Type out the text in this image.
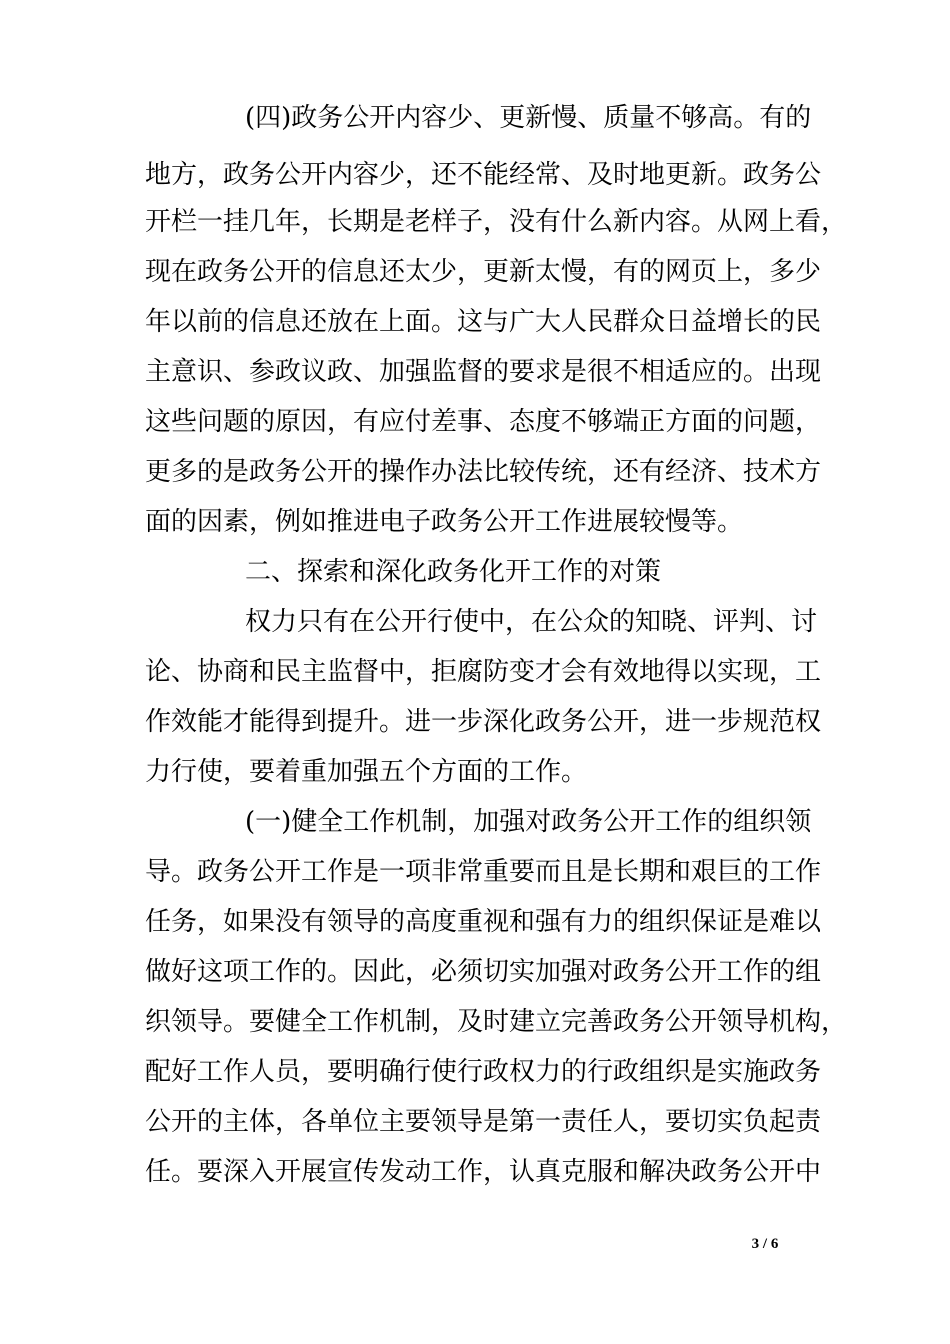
(四)政务公开内容少、更新慢、质量不够高。有的
地方，政务公开内容少，还不能经常、及时地更新。政务公
开栏一挂几年，长期是老样子，没有什么新内容。从网上看，
现在政务公开的信息还太少，更新太慢，有的网页上，多少
年以前的信息还放在上面。这与广大人民群众日益增长的民
主意识、参政议政、加强监督的要求是很不相适应的。出现
这些问题的原因，有应付差事、态度不够端正方面的问题，
更多的是政务公开的操作办法比较传统，还有经济、技术方
面的因素，例如推进电子政务公开工作进展较慢等。
二、探索和深化政务化开工作的对策
权力只有在公开行使中，在公众的知晓、评判、讨
论、协商和民主监督中，拒腐防变才会有效地得以实现，工
作效能才能得到提升。进一步深化政务公开，进一步规范权
力行使，要着重加强五个方面的工作。
(一)健全工作机制，加强对政务公开工作的组织领
导。政务公开工作是一项非常重要而且是长期和艰巨的工作
任务，如果没有领导的高度重视和强有力的组织保证是难以
做好这项工作的。因此，必须切实加强对政务公开工作的组
织领导。要健全工作机制，及时建立完善政务公开领导机构，
配好工作人员，要明确行使行政权力的行政组织是实施政务
公开的主体，各单位主要领导是第一责任人，要切实负起责
任。要深入开展宣传发动工作，认真克服和解决政务公开中
3 / 6
